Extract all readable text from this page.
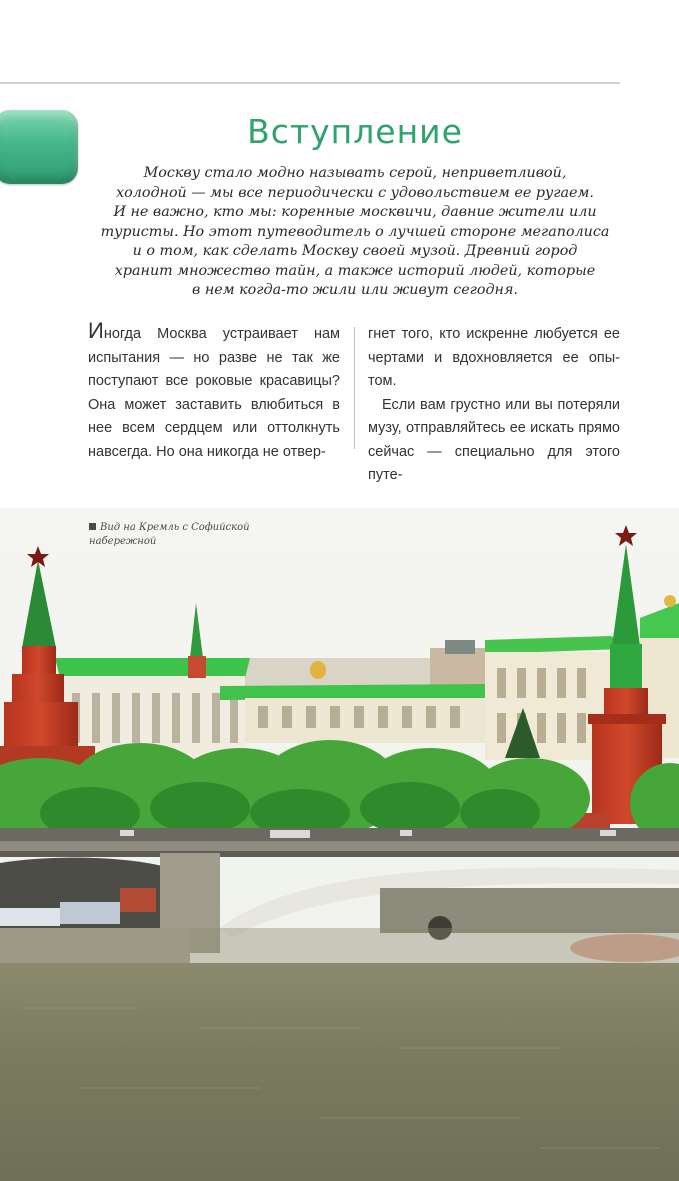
Вступление
Москву стало модно называть серой, неприветливой,
холодной — мы все периодически с удовольствием ее ругаем.
И не важно, кто мы: коренные москвичи, давние жители или
туристы. Но этот путеводитель о лучшей стороне мегаполиса
и о том, как сделать Москву своей музой. Древний город
хранит множество тайн, а также историй людей, которые
в нем когда-то жили или живут сегодня.

Иногда Москва устраивает нам испытания — но разве не так же поступают все роковые красавицы? Она может заставить влюбиться в нее всем сердцем или оттолкнуть навсегда. Но она никогда не отвер-

гнет того, кто искренне любуется ее чертами и вдохновляется ее опы-том.

Если вам грустно или вы потеряли музу, отправляйтесь ее искать прямо сейчас — специально для этого путе-

Вид на Кремль с Софийской набережной
